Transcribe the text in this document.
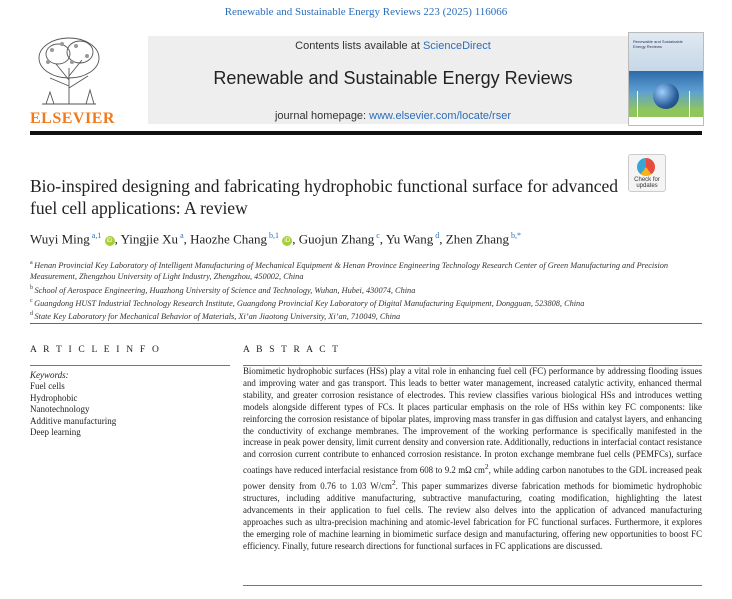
Renewable and Sustainable Energy Reviews 223 (2025) 116066
ELSEVIER
Contents lists available at ScienceDirect
Renewable and Sustainable Energy Reviews
journal homepage: www.elsevier.com/locate/rser
Renewable and Sustainable Energy Reviews
Check for updates
Bio-inspired designing and fabricating hydrophobic functional surface for advanced fuel cell applications: A review
Wuyi Ming $^{a,1}$ iD , Yingjie Xu $^a$, Haozhe Chang $^{b,1}$ iD , Guojun Zhang $^c$, Yu Wang $^d$, Zhen Zhang $^{b,*}$
$^a$ Henan Provincial Key Laboratory of Intelligent Manufacturing of Mechanical Equipment & Henan Province Engineering Technology Research Center of Green Manufacturing and Precision Measurement, Zhengzhou University of Light Industry, Zhengzhou, 450002, China
$^b$ School of Aerospace Engineering, Huazhong University of Science and Technology, Wuhan, Hubei, 430074, China
$^c$ Guangdong HUST Industrial Technology Research Institute, Guangdong Provincial Key Laboratory of Digital Manufacturing Equipment, Dongguan, 523808, China
$^d$ State Key Laboratory for Mechanical Behavior of Materials, Xi’an Jiaotong University, Xi’an, 710049, China
A R T I C L E I N F O
Keywords:
Fuel cells
Hydrophobic
Nanotechnology
Additive manufacturing
Deep learning
A B S T R A C T
Biomimetic hydrophobic surfaces (HSs) play a vital role in enhancing fuel cell (FC) performance by addressing flooding issues and improving water and gas transport. This leads to better water management, increased catalytic activity, enhanced thermal stability, and greater corrosion resistance of electrodes. This review classifies various biological HSs and introduces wetting models alongside different types of FCs. It places particular emphasis on the role of HSs within key FC components: like reinforcing the corrosion resistance of bipolar plates, improving mass transfer in gas diffusion and catalyst layers, and enhancing the conductivity of exchange membranes. The improvement of the working performance is specifically manifested in the increase in peak power density, limit current density and conversion rate. Additionally, reductions in interfacial contact resistance and corrosion current contribute to enhanced corrosion resistance. In proton exchange membrane fuel cells (PEMFCs), surface coatings have reduced interfacial resistance from 608 to 9.2 mΩ $cm^2$, while adding carbon nanotubes to the GDL increased peak power density from 0.76 to 1.03 $W/cm^2$. This paper summarizes diverse fabrication methods for biomimetic hydrophobic structures, including additive manufacturing, subtractive manufacturing, coating modification, highlighting the latest advancements in their application to fuel cells. The review also delves into the application of advanced manufacturing approaches such as ultra-precision machining and atomic-level fabrication for FC functional surfaces. Furthermore, it explores the emerging role of machine learning in biomimetic surface design and manufacturing, offering new opportunities to boost FC efficiency. Finally, future research directions for functional surfaces in FC applications are discussed.
